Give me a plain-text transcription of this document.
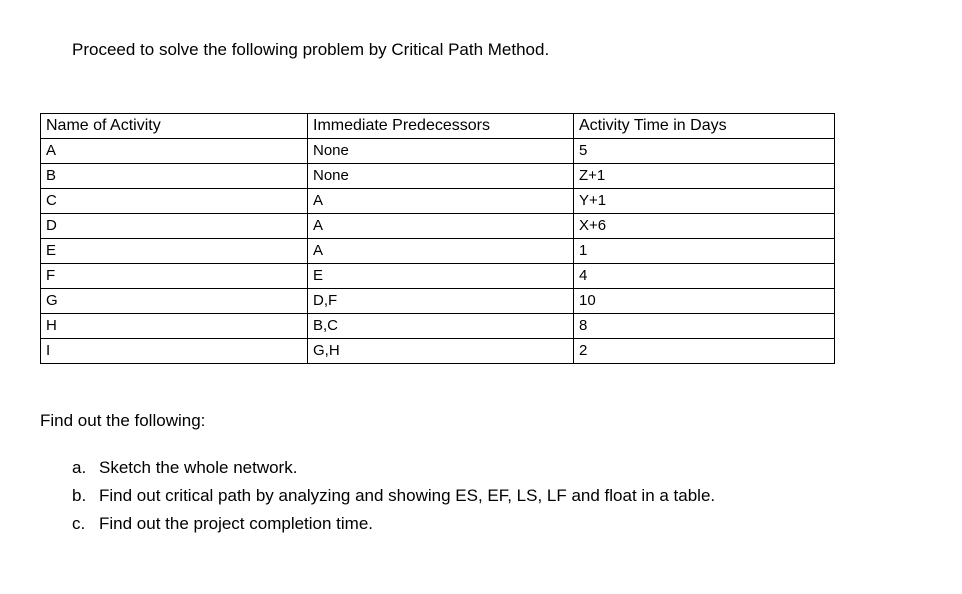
Proceed to solve the following problem by Critical Path Method.

Name of Activity	Immediate Predecessors	Activity Time in Days
A	None	5
B	None	Z+1
C	A	Y+1
D	A	X+6
E	A	1
F	E	4
G	D,F	10
H	B,C	8
I	G,H	2

Find out the following:

a. Sketch the whole network.
b. Find out critical path by analyzing and showing ES, EF, LS, LF and float in a table.
c. Find out the project completion time.
